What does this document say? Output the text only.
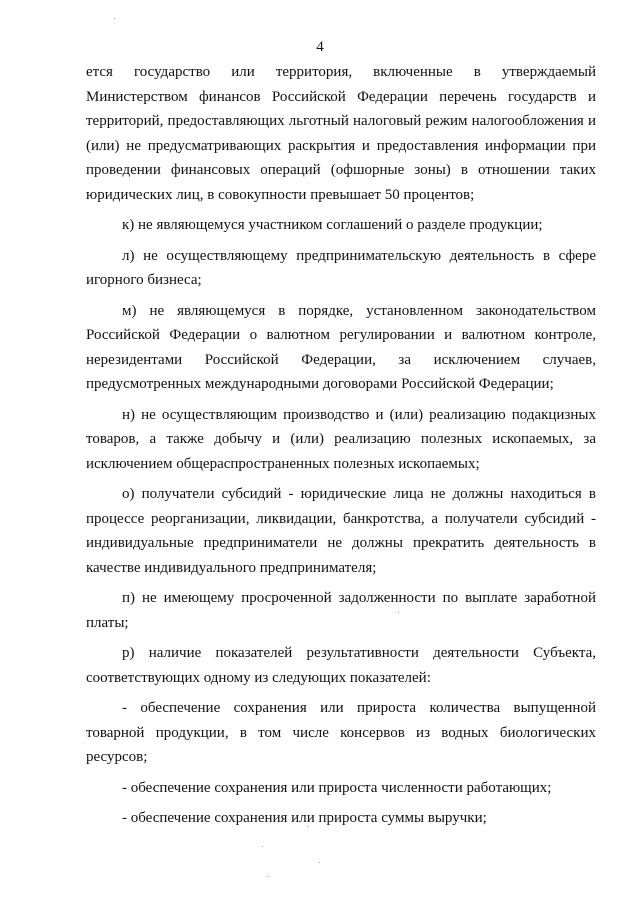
4

ется государство или территория, включенные в утверждаемый Министерством финансов Российской Федерации перечень государств и территорий, предоставляющих льготный налоговый режим налогообложения и (или) не предусматривающих раскрытия и предоставления информации при проведении финансовых операций (офшорные зоны) в отношении таких юридических лиц, в совокупности превышает 50 процентов;

к) не являющемуся участником соглашений о разделе продукции;

л) не осуществляющему предпринимательскую деятельность в сфере игорного бизнеса;

м) не являющемуся в порядке, установленном законодательством Российской Федерации о валютном регулировании и валютном контроле, нерезидентами Российской Федерации, за исключением случаев, предусмотренных международными договорами Российской Федерации;

н) не осуществляющим производство и (или) реализацию подакцизных товаров, а также добычу и (или) реализацию полезных ископаемых, за исключением общераспространенных полезных ископаемых;

о) получатели субсидий - юридические лица не должны находиться в процессе реорганизации, ликвидации, банкротства, а получатели субсидий - индивидуальные предприниматели не должны прекратить деятельность в качестве индивидуального предпринимателя;

п) не имеющему просроченной задолженности по выплате заработной платы;

р) наличие показателей результативности деятельности Субъекта, соответствующих одному из следующих показателей:

- обеспечение сохранения или прироста количества выпущенной товарной продукции, в том числе консервов из водных биологических ресурсов;

- обеспечение сохранения или прироста численности работающих;

- обеспечение сохранения или прироста суммы выручки;
